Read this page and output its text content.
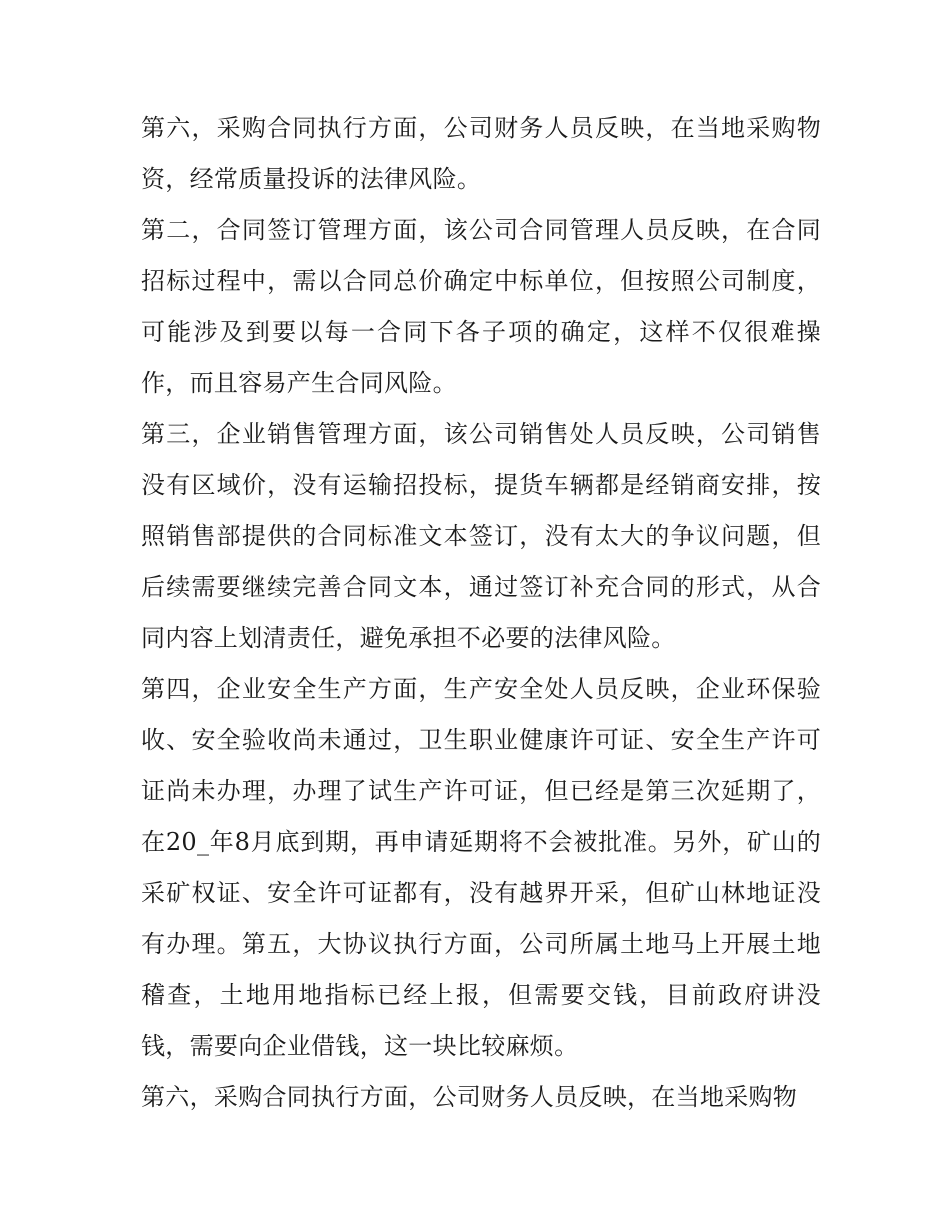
第六，采购合同执行方面，公司财务人员反映，在当地采购物资，经常质量投诉的法律风险。

第二，合同签订管理方面，该公司合同管理人员反映，在合同招标过程中，需以合同总价确定中标单位，但按照公司制度，可能涉及到要以每一合同下各子项的确定，这样不仅很难操作，而且容易产生合同风险。

第三，企业销售管理方面，该公司销售处人员反映，公司销售没有区域价，没有运输招投标，提货车辆都是经销商安排，按照销售部提供的合同标准文本签订，没有太大的争议问题，但后续需要继续完善合同文本，通过签订补充合同的形式，从合同内容上划清责任，避免承担不必要的法律风险。

第四，企业安全生产方面，生产安全处人员反映，企业环保验收、安全验收尚未通过，卫生职业健康许可证、安全生产许可证尚未办理，办理了试生产许可证，但已经是第三次延期了，在20_年8月底到期，再申请延期将不会被批准。另外，矿山的采矿权证、安全许可证都有，没有越界开采，但矿山林地证没有办理。第五，大协议执行方面，公司所属土地马上开展土地稽查，土地用地指标已经上报，但需要交钱，目前政府讲没钱，需要向企业借钱，这一块比较麻烦。

第六，采购合同执行方面，公司财务人员反映，在当地采购物
